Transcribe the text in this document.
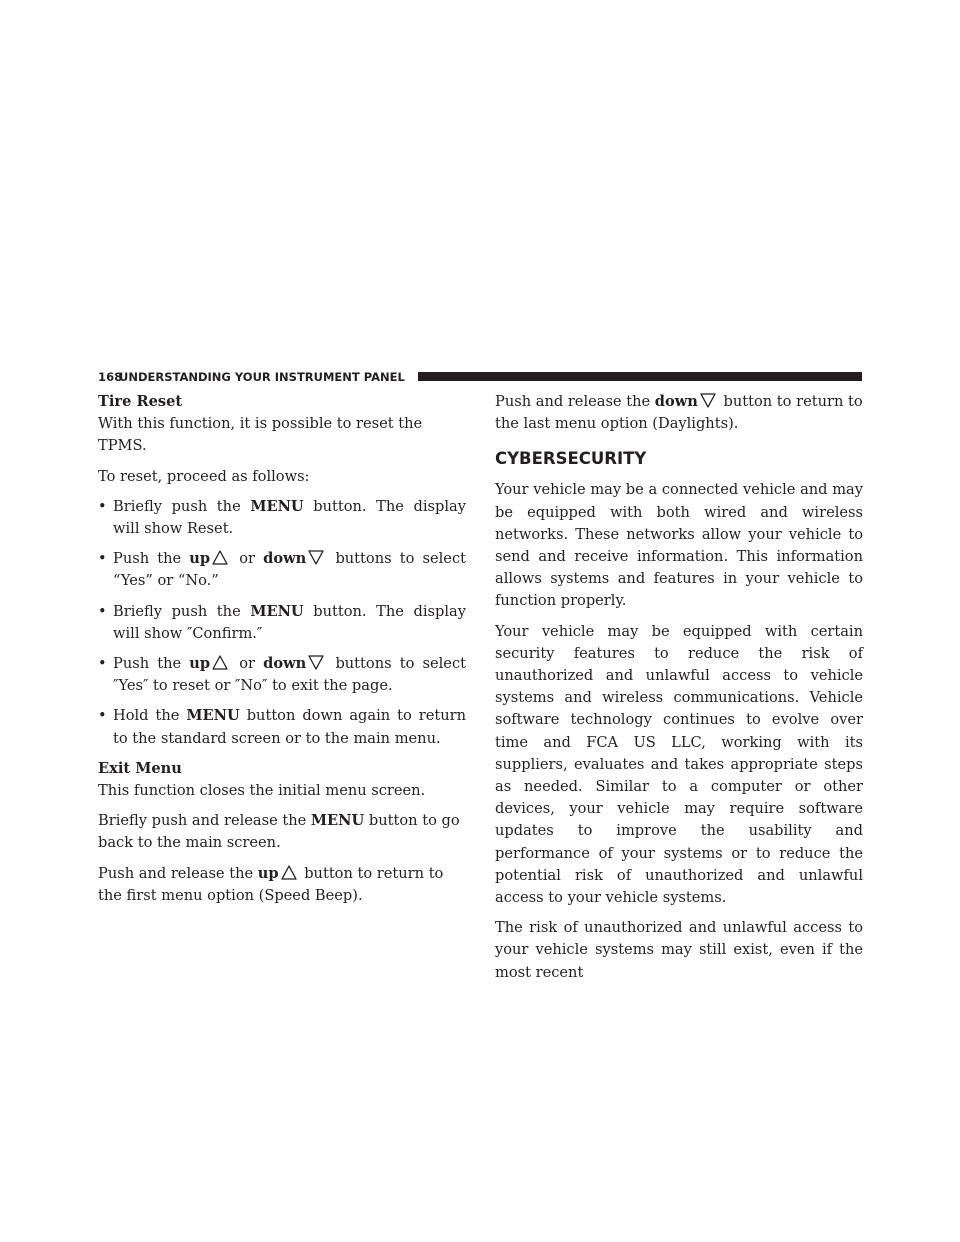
168
UNDERSTANDING YOUR INSTRUMENT PANEL

Tire Reset

With this function, it is possible to reset the TPMS.

To reset, proceed as follows:

• Briefly push the MENU button. The display will show Reset.

• Push the up or down buttons to select “Yes” or “No.”

• Briefly push the MENU button. The display will show ″Confirm.″

• Push the up or down buttons to select ″Yes″ to reset or ″No″ to exit the page.

• Hold the MENU button down again to return to the standard screen or to the main menu.

Exit Menu

This function closes the initial menu screen.

Briefly push and release the MENU button to go back to the main screen.

Push and release the up button to return to the first menu option (Speed Beep).

Push and release the down button to return to the last menu option (Daylights).

CYBERSECURITY

Your vehicle may be a connected vehicle and may be equipped with both wired and wireless networks. These networks allow your vehicle to send and receive information. This information allows systems and features in your vehicle to function properly.

Your vehicle may be equipped with certain security features to reduce the risk of unauthorized and unlawful access to vehicle systems and wireless communications. Vehicle software technology continues to evolve over time and FCA US LLC, working with its suppliers, evaluates and takes appropriate steps as needed. Similar to a computer or other devices, your vehicle may require software updates to improve the usability and performance of your systems or to reduce the potential risk of unauthorized and unlawful access to your vehicle systems.

The risk of unauthorized and unlawful access to your vehicle systems may still exist, even if the most recent
